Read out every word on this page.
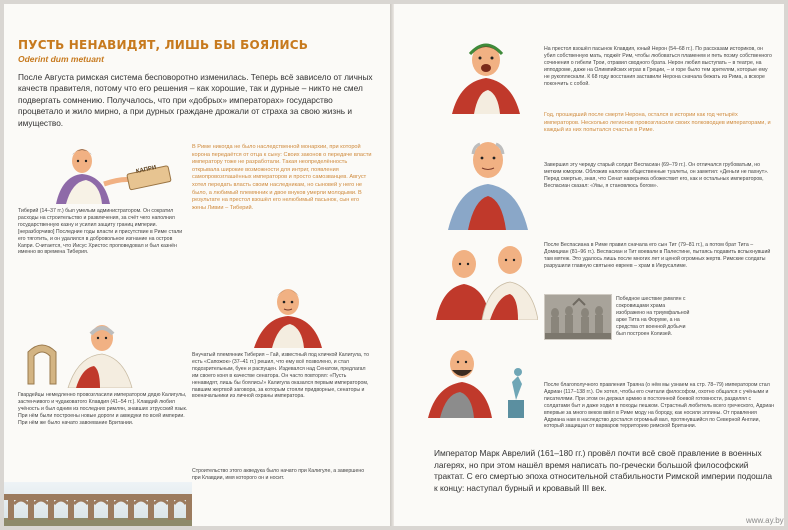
ПУСТЬ НЕНАВИДЯТ, ЛИШЬ БЫ БОЯЛИСЬ
Oderint dum metuant
После Августа римская система бесповоротно изменилась. Теперь всё зависело от личных качеств правителя, потому что его решения – как хорошие, так и дурные – никто не смел подвергать сомнению. Получалось, что при «добрых» императорах» государство процветало и жило мирно, а при дурных граждане дрожали от страха за свою жизнь и имущество.
В Риме никогда не было наследственной монархии, при которой корона передаётся от отца к сыну: Своих законов о передаче власти императору тоже не разработали. Такая неопределённость открывала широкие возможности для интриг, появления самопровозглашённых императоров и просто самозванцев. Август хотел передать власть своим наследникам, но сыновей у него не было, а любимый племянник и двое внуков умерли молодыми. В результате на престол взошёл его нелюбимый пасынок, сын его жены Ливии – Тиберий.
КАПРИ
Тиберий (14–37 гг.) был умелым администратором. Он сократил расходы на строительство и развлечения, за счёт чего наполнил государственную казну и усилил защиту границ империи. [неразборчиво] Последние годы власти и присутствие в Риме стали его тяготить, и он удалился в добровольное изгнание на остров Капри. Считается, что Иисус Христос проповедовал и был казнён именно во времена Тиберия.
Гвардейцы немедленно провозгласили императором дядю Калигулы, застенчивого и чудаковатого Клавдия (41–54 гг.). Клавдий любил учёность и был одним из последних римлян, знавших этрусский язык. При нём были построены новые дороги и акведуки по всей империи. При нём же было начато завоевание Британии.
Внучатый племянник Тиберия – Гай, известный под кличкой Калигула, то есть «Сапожок» (37–41 гг.) решил, что ему всё позволено, и стал подозрительным, буен и распущен. Издевался над Сенатом, предлагал им своего коня в качестве сенатора. Он часто повторял: «Пусть ненавидят, лишь бы боялись!» Калигула оказался первым императором, павшим жертвой заговора, за которым стояли придворные, сенаторы и военачальники из личной охраны императора.
Строительство этого акведука было начато при Калигуле, а завершено при Клавдии, имя которого он и носит.
На престол взошёл пасынок Клавдия, юный Нерон (54–68 гг.). По рассказам историков, он убил собственную мать, поджёг Рим, чтобы любоваться пламенем и петь поэму собственного сочинения о гибели Трои, отравил сводного брата. Нерон любил выступать – в театре, на ипподроме, даже на Олимпийских играх в Греции, – и горе было тем зрителям, которые ему не рукоплескали. К 68 году восстания заставили Нерона сначала бежать из Рима, а вскоре покончить с собой.
Год, прошедший после смерти Нерона, остался в истории как год четырёх императоров. Несколько легионов провозгласили своих полководцев императорами, и каждый из них попытался счастья в Риме.
Завершил эту череду старый солдат Веспасиан (69–79 гг.). Он отличался грубоватым, но метким юмором. Обложив налогом общественные туалеты, он заметил: «Деньги не пахнут». Перед смертью, зная, что Сенат наверняка обожествит его, как и остальных императоров, Веспасиан сказал: «Увы, я становлюсь богом».
После Веспасиана в Риме правил сначала его сын Тит (79–81 гг.), а потом брат Тита – Домициан (81–96 гг.). Веспасиан и Тит воевали в Палестине, пытаясь подавить вспыхнувший там мятеж. Это удалось лишь после многих лет и ценой огромных жертв. Римские солдаты разрушили главную святыню евреев – храм в Иерусалиме.
Победное шествие римлян с сокровищами храма изображено на триумфальной арке Тита на Форуме, а на средства от военной добычи был построен Колизей.
После благополучного правления Траяна (о нём мы узнаем на стр. 78–79) императором стал Адриан (117–138 гг.). Он хотел, чтобы его считали философом, охотно общался с учёными и писателями. При этом он держал армию в постоянной боевой готовности, разделял с солдатами быт и даже ходил в походы пешком. Страстный любитель всего греческого, Адриан впервые за много веков ввёл в Риме моду на бороду, как носили эллины. От правления Адриана нам в наследство достался огромный вал, протянувшийся по Северной Англии, который защищал от варваров территорию римской Британии.
Император Марк Аврелий (161–180 гг.) провёл почти всё своё правление в военных лагерях, но при этом нашёл время написать по-гречески большой философский трактат. С его смертью эпоха относительной стабильности Римской империи подошла к концу: наступал бурный и кровавый III век.
www.ay.by
